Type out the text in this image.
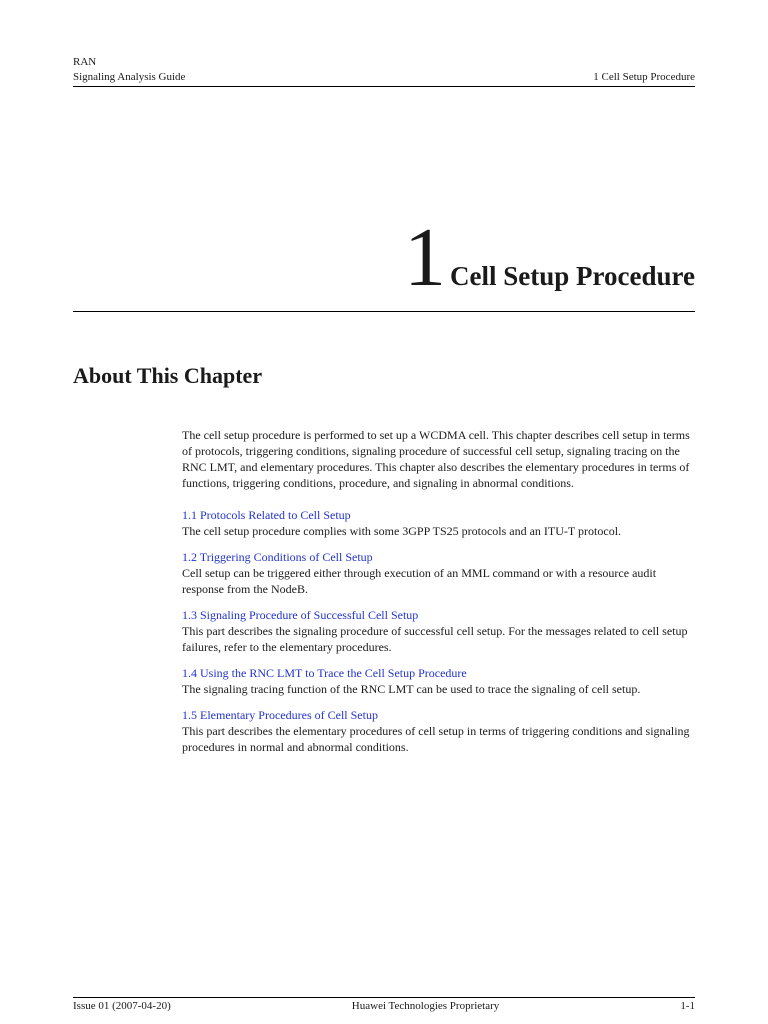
RAN
Signaling Analysis Guide	1 Cell Setup Procedure
1 Cell Setup Procedure
About This Chapter

The cell setup procedure is performed to set up a WCDMA cell. This chapter describes cell setup in terms of protocols, triggering conditions, signaling procedure of successful cell setup, signaling tracing on the RNC LMT, and elementary procedures. This chapter also describes the elementary procedures in terms of functions, triggering conditions, procedure, and signaling in abnormal conditions.

1.1 Protocols Related to Cell Setup

The cell setup procedure complies with some 3GPP TS25 protocols and an ITU-T protocol.

1.2 Triggering Conditions of Cell Setup

Cell setup can be triggered either through execution of an MML command or with a resource audit response from the NodeB.

1.3 Signaling Procedure of Successful Cell Setup

This part describes the signaling procedure of successful cell setup. For the messages related to cell setup failures, refer to the elementary procedures.

1.4 Using the RNC LMT to Trace the Cell Setup Procedure

The signaling tracing function of the RNC LMT can be used to trace the signaling of cell setup.

1.5 Elementary Procedures of Cell Setup

This part describes the elementary procedures of cell setup in terms of triggering conditions and signaling procedures in normal and abnormal conditions.

Issue 01 (2007-04-20)	Huawei Technologies Proprietary	1-1
